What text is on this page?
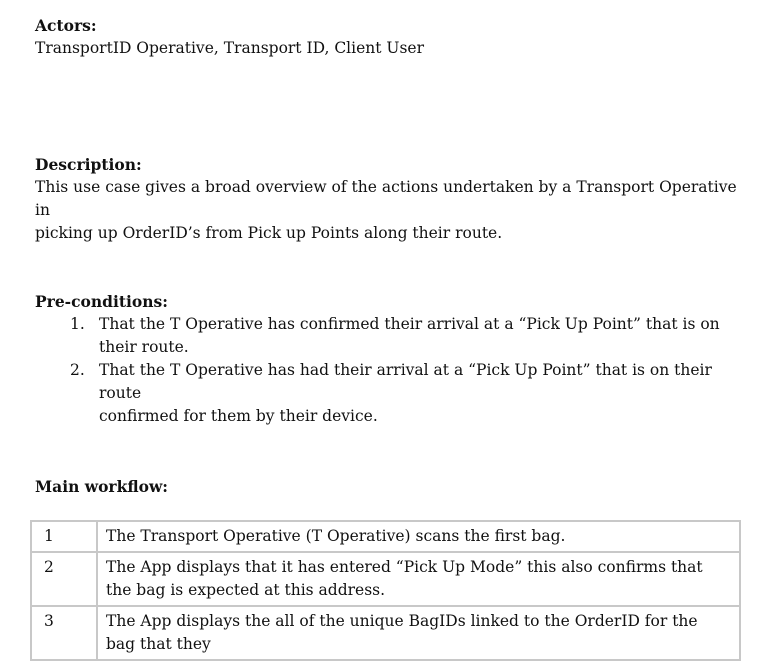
Actors:
TransportID Operative, Transport ID, Client User
Description:
This use case gives a broad overview of the actions undertaken by a Transport Operative in
picking up OrderID’s from Pick up Points along their route.
Pre-conditions:
1. That the T Operative has confirmed their arrival at a “Pick Up Point” that is on their route.
2. That the T Operative has had their arrival at a “Pick Up Point” that is on their route
confirmed for them by their device.
Main workflow:
1	The Transport Operative (T Operative) scans the first bag.
2	The App displays that it has entered “Pick Up Mode” this also confirms that the bag is expected at this address.
3	The App displays the all of the unique BagIDs linked to the OrderID for the bag that they
